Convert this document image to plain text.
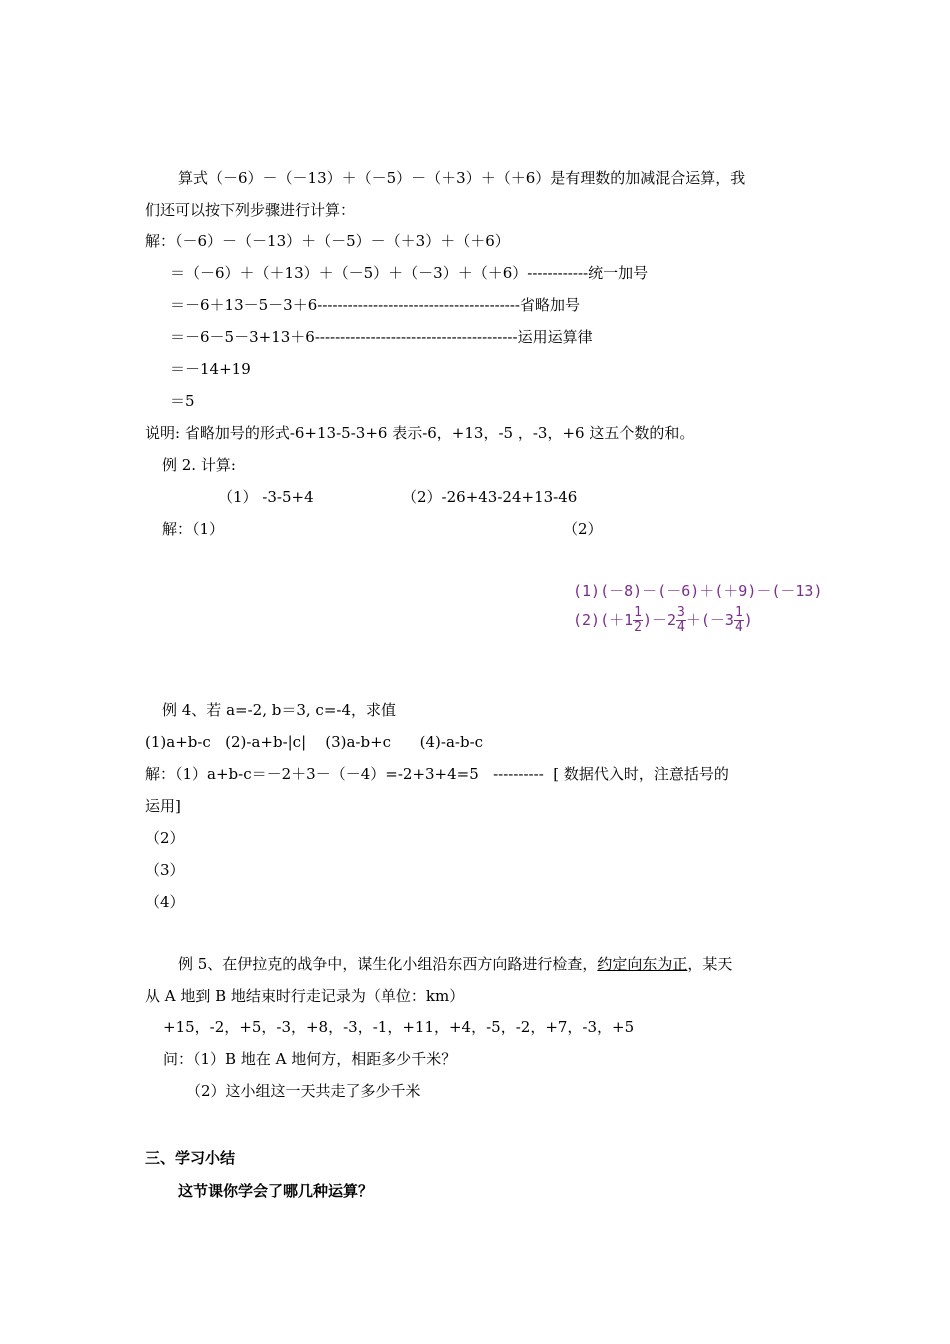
算式（－6）－（－13）＋（－5）－（＋3）＋（＋6）是有理数的加减混合运算，我
们还可以按下列步骤进行计算：
解：（－6）－（－13）＋（－5）－（＋3）＋（＋6）
＝（－6）＋（＋13）＋（－5）＋（－3）＋（＋6）------------统一加号
＝－6＋13－5－3＋6----------------------------------------省略加号
＝－6－5－3+13＋6----------------------------------------运用运算律
＝－14+19
＝5
说明: 省略加号的形式-6+13-5-3+6 表示-6，+13，-5 ，-3，+6 这五个数的和。
例 2. 计算:
（1） -3-5+4	（2）-26+43-24+13-46
解：（1）	（2）
(1)(－8)－(－6)＋(＋9)－(－13)
$(2)(+1 \frac{1}{2} )-2 \frac{3}{4} +(-3 \frac{1}{4}$ )
例 4、若 a=-2, b＝3, c=-4，求值
(1)a+b-c   (2)-a+b-|c|    (3)a-b+c      (4)-a-b-c
解：（1）a+b-c＝－2＋3－（－4）=-2+3+4=5   ----------  [ 数据代入时，注意括号的
运用]
（2）
（3）
（4）
例 5、在伊拉克的战争中，谋生化小组沿东西方向路进行检查，约定向东为正，某天
从 A 地到 B 地结束时行走记录为（单位：km）
+15，-2，+5，-3，+8，-3，-1，+11，+4，-5，-2，+7，-3，+5
问：（1）B 地在 A 地何方，相距多少千米？
（2）这小组这一天共走了多少千米
三、学习小结
这节课你学会了哪几种运算？
